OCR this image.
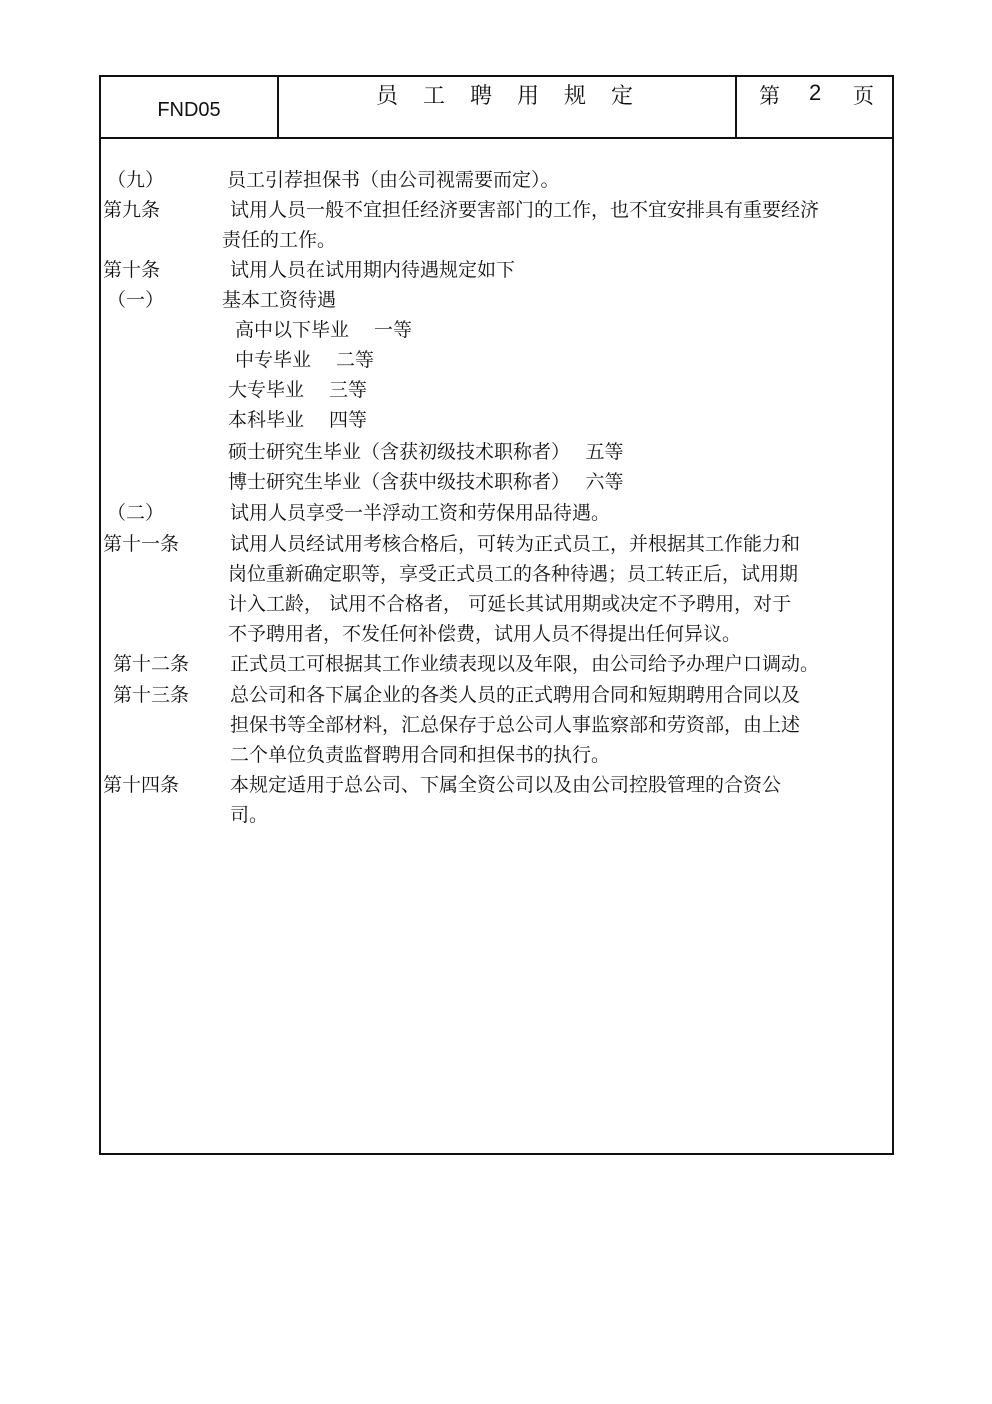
FND05
员工聘用规定	第 2 页
（九）	员工引荐担保书（由公司视需要而定）。
第九条	试用人员一般不宜担任经济要害部门的工作，也不宜安排具有重要经济
责任的工作。
第十条	试用人员在试用期内待遇规定如下
（一）	基本工资待遇
高中以下毕业　 一等
中专毕业　 二等
大专毕业　 三等
本科毕业　 四等
硕士研究生毕业（含获初级技术职称者）　 五等
博士研究生毕业（含获中级技术职称者）　 六等
（二）	试用人员享受一半浮动工资和劳保用品待遇。
第十一条	试用人员经试用考核合格后，可转为正式员工，并根据其工作能力和
岗位重新确定职等，享受正式员工的各种待遇；员工转正后，试用期
计入工龄， 试用不合格者， 可延长其试用期或决定不予聘用，对于
不予聘用者，不发任何补偿费，试用人员不得提出任何异议。
第十二条 正式员工可根据其工作业绩表现以及年限，由公司给予办理户口调动。
第十三条 总公司和各下属企业的各类人员的正式聘用合同和短期聘用合同以及
担保书等全部材料，汇总保存于总公司人事监察部和劳资部，由上述
二个单位负责监督聘用合同和担保书的执行。
第十四条	本规定适用于总公司、下属全资公司以及由公司控股管理的合资公
司。
